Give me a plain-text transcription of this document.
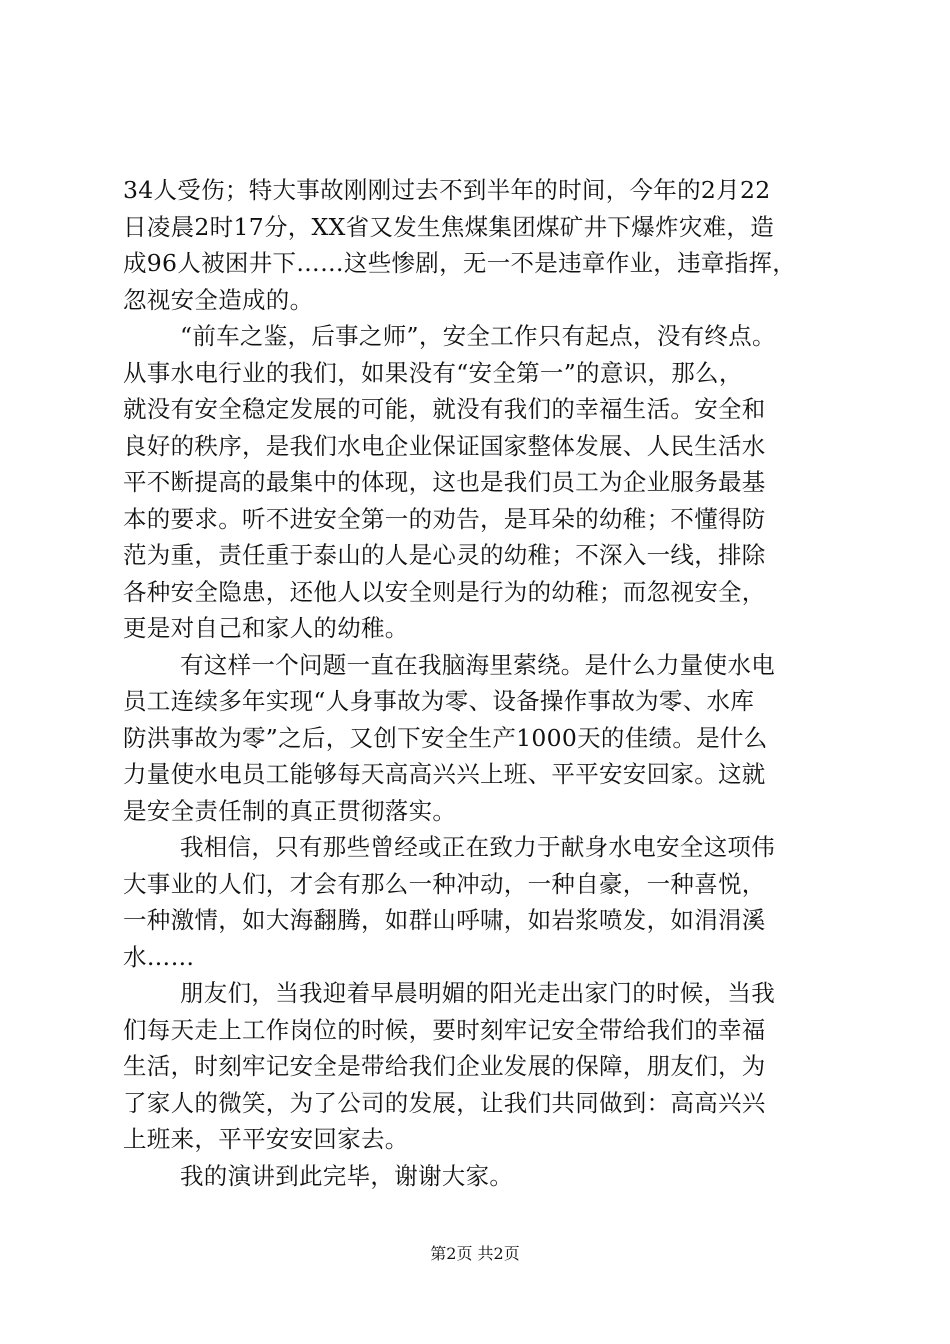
34人受伤；特大事故刚刚过去不到半年的时间，今年的2月22
日凌晨2时17分，XX省又发生焦煤集团煤矿井下爆炸灾难，造
成96人被困井下……这些惨剧，无一不是违章作业，违章指挥，
忽视安全造成的。
“前车之鉴，后事之师”，安全工作只有起点，没有终点。
从事水电行业的我们，如果没有“安全第一”的意识，那么，
就没有安全稳定发展的可能，就没有我们的幸福生活。安全和
良好的秩序，是我们水电企业保证国家整体发展、人民生活水
平不断提高的最集中的体现，这也是我们员工为企业服务最基
本的要求。听不进安全第一的劝告，是耳朵的幼稚；不懂得防
范为重，责任重于泰山的人是心灵的幼稚；不深入一线，排除
各种安全隐患，还他人以安全则是行为的幼稚；而忽视安全，
更是对自己和家人的幼稚。
有这样一个问题一直在我脑海里萦绕。是什么力量使水电
员工连续多年实现“人身事故为零、设备操作事故为零、水库
防洪事故为零”之后，又创下安全生产1000天的佳绩。是什么
力量使水电员工能够每天高高兴兴上班、平平安安回家。这就
是安全责任制的真正贯彻落实。
我相信，只有那些曾经或正在致力于献身水电安全这项伟
大事业的人们，才会有那么一种冲动，一种自豪，一种喜悦，
一种激情，如大海翻腾，如群山呼啸，如岩浆喷发，如涓涓溪
水……
朋友们，当我迎着早晨明媚的阳光走出家门的时候，当我
们每天走上工作岗位的时候，要时刻牢记安全带给我们的幸福
生活，时刻牢记安全是带给我们企业发展的保障，朋友们，为
了家人的微笑，为了公司的发展，让我们共同做到：高高兴兴
上班来，平平安安回家去。
我的演讲到此完毕，谢谢大家。
第2页 共2页
